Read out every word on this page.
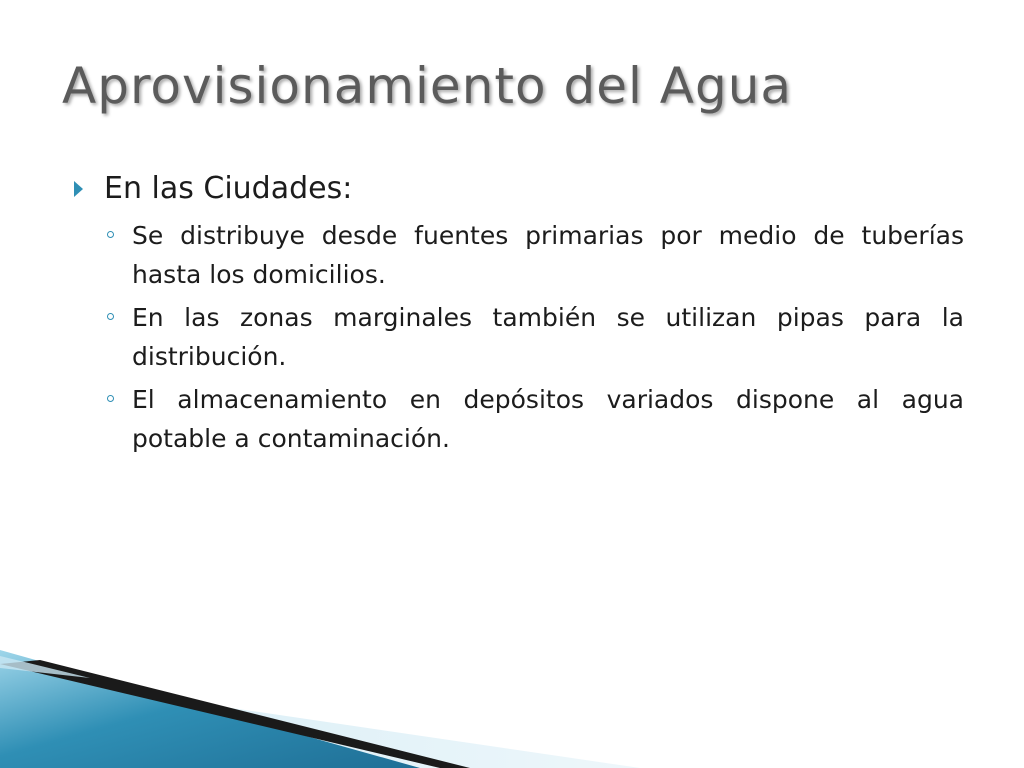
Aprovisionamiento del Agua
En las Ciudades:
Se distribuye desde fuentes primarias por medio de tuberías hasta los domicilios.
En las zonas marginales también se utilizan pipas para la distribución.
El almacenamiento en depósitos variados dispone al agua potable a contaminación.
